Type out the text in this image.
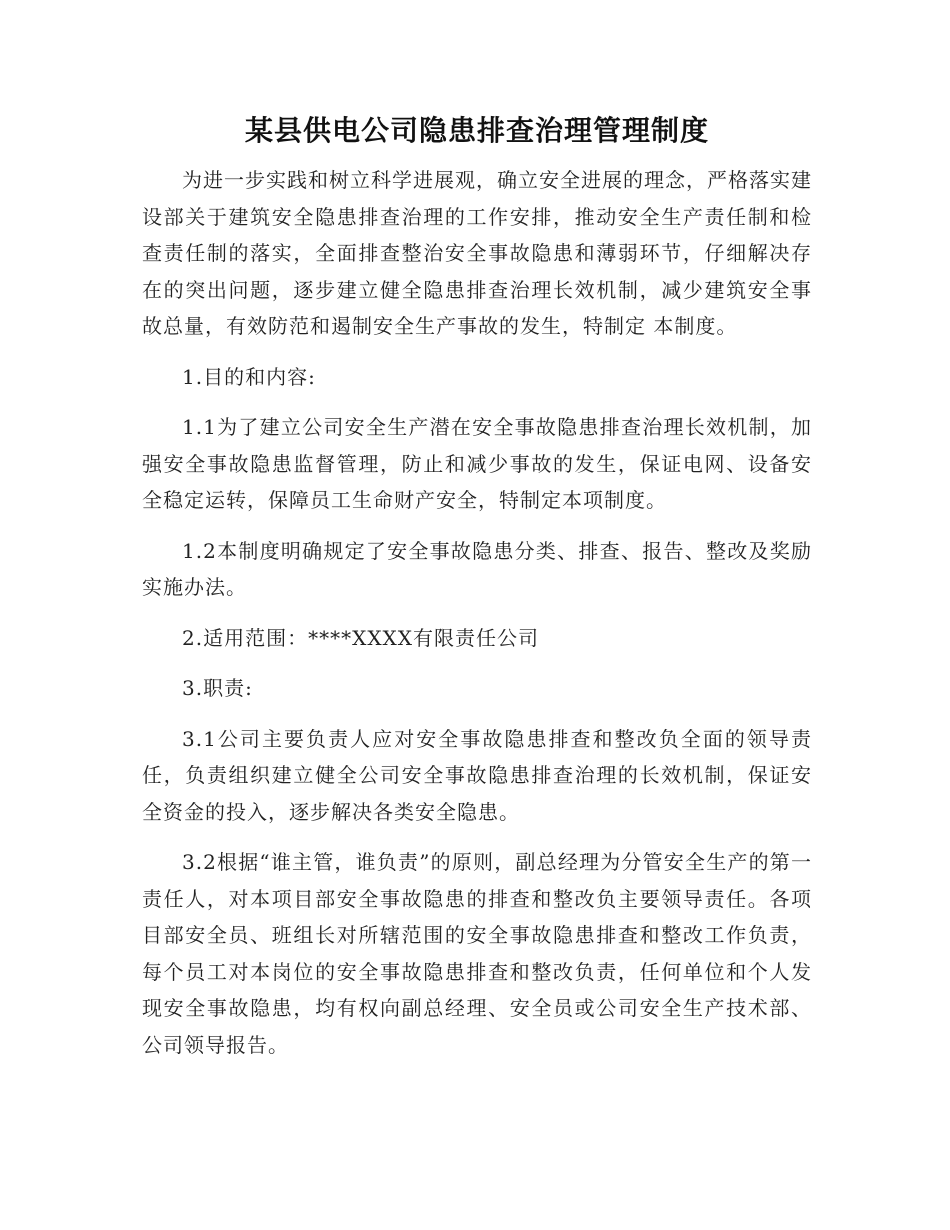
某县供电公司隐患排查治理管理制度

为进一步实践和树立科学进展观，确立安全进展的理念，严格落实建设部关于建筑安全隐患排查治理的工作安排，推动安全生产责任制和检查责任制的落实，全面排查整治安全事故隐患和薄弱环节，仔细解决存在的突出问题，逐步建立健全隐患排查治理长效机制，减少建筑安全事故总量，有效防范和遏制安全生产事故的发生，特制定 本制度。

1.目的和内容:

1.1为了建立公司安全生产潜在安全事故隐患排查治理长效机制，加强安全事故隐患监督管理，防止和减少事故的发生，保证电网、设备安全稳定运转，保障员工生命财产安全，特制定本项制度。

1.2本制度明确规定了安全事故隐患分类、排查、报告、整改及奖励实施办法。

2.适用范围：****XXXX有限责任公司

3.职责:

3.1公司主要负责人应对安全事故隐患排查和整改负全面的领导责任，负责组织建立健全公司安全事故隐患排查治理的长效机制，保证安全资金的投入，逐步解决各类安全隐患。

3.2根据“谁主管，谁负责”的原则，副总经理为分管安全生产的第一责任人，对本项目部安全事故隐患的排查和整改负主要领导责任。各项目部安全员、班组长对所辖范围的安全事故隐患排查和整改工作负责，每个员工对本岗位的安全事故隐患排查和整改负责，任何单位和个人发现安全事故隐患，均有权向副总经理、安全员或公司安全生产技术部、公司领导报告。
